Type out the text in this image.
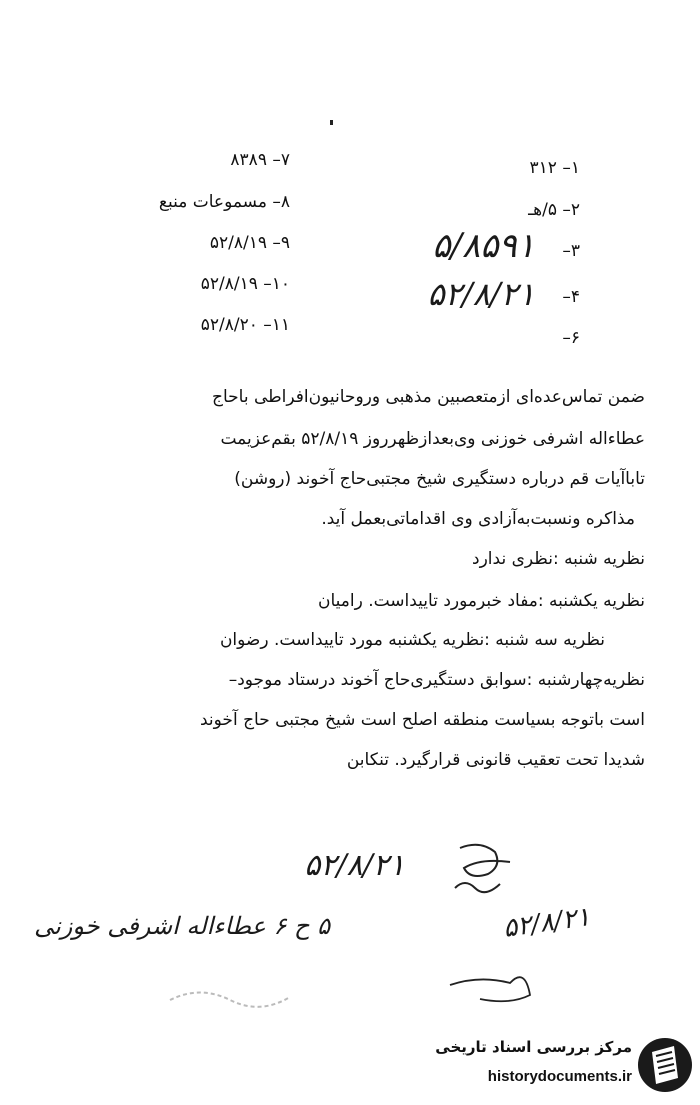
۷– ۸۳۸۹
۸– مسموعات منبع
۹– ۵۲/۸/۱۹
۱۰– ۵۲/۸/۱۹
۱۱– ۵۲/۸/۲۰
۱– ۳۱۲
۲– ۵/هـ
۳–
۴–
۶–
۵/۸۵۹۱
۵۲/۸/۲۱
ضمن تماس‌عده‌ای ازمتعصبین مذهبی وروحانیون‌افراطی باحاج
عطاءاله اشرفی خوزنی وی‌بعدازظهرروز ۵۲/۸/۱۹ بقم‌عزیمت
تاباآیات قم درباره دستگیری شیخ مجتبی‌حاج آخوند (روشن)
مذاکره ونسبت‌به‌آزادی وی اقداماتی‌بعمل آید.
نظریه شنبه :نظری ندارد
نظریه یکشنبه :مفاد خبرمورد تاییداست. رامیان
نظریه سه شنبه :نظریه یکشنبه مورد تاییداست. رضوان
نظریه‌چهارشنبه :سوابق دستگیری‌حاج آخوند درستاد موجود–
است باتوجه بسیاست منطقه اصلح است شیخ مجتبی حاج آخوند
شدیدا تحت تعقیب قانونی قرارگیرد. تنکابن
۵۲/۸/۲۱
۵ ح ۶ عطاءاله اشرفی خوزنی	۵۲/۸/۲۱
مرکز بررسی اسناد تاریخی
historydocuments.ir
